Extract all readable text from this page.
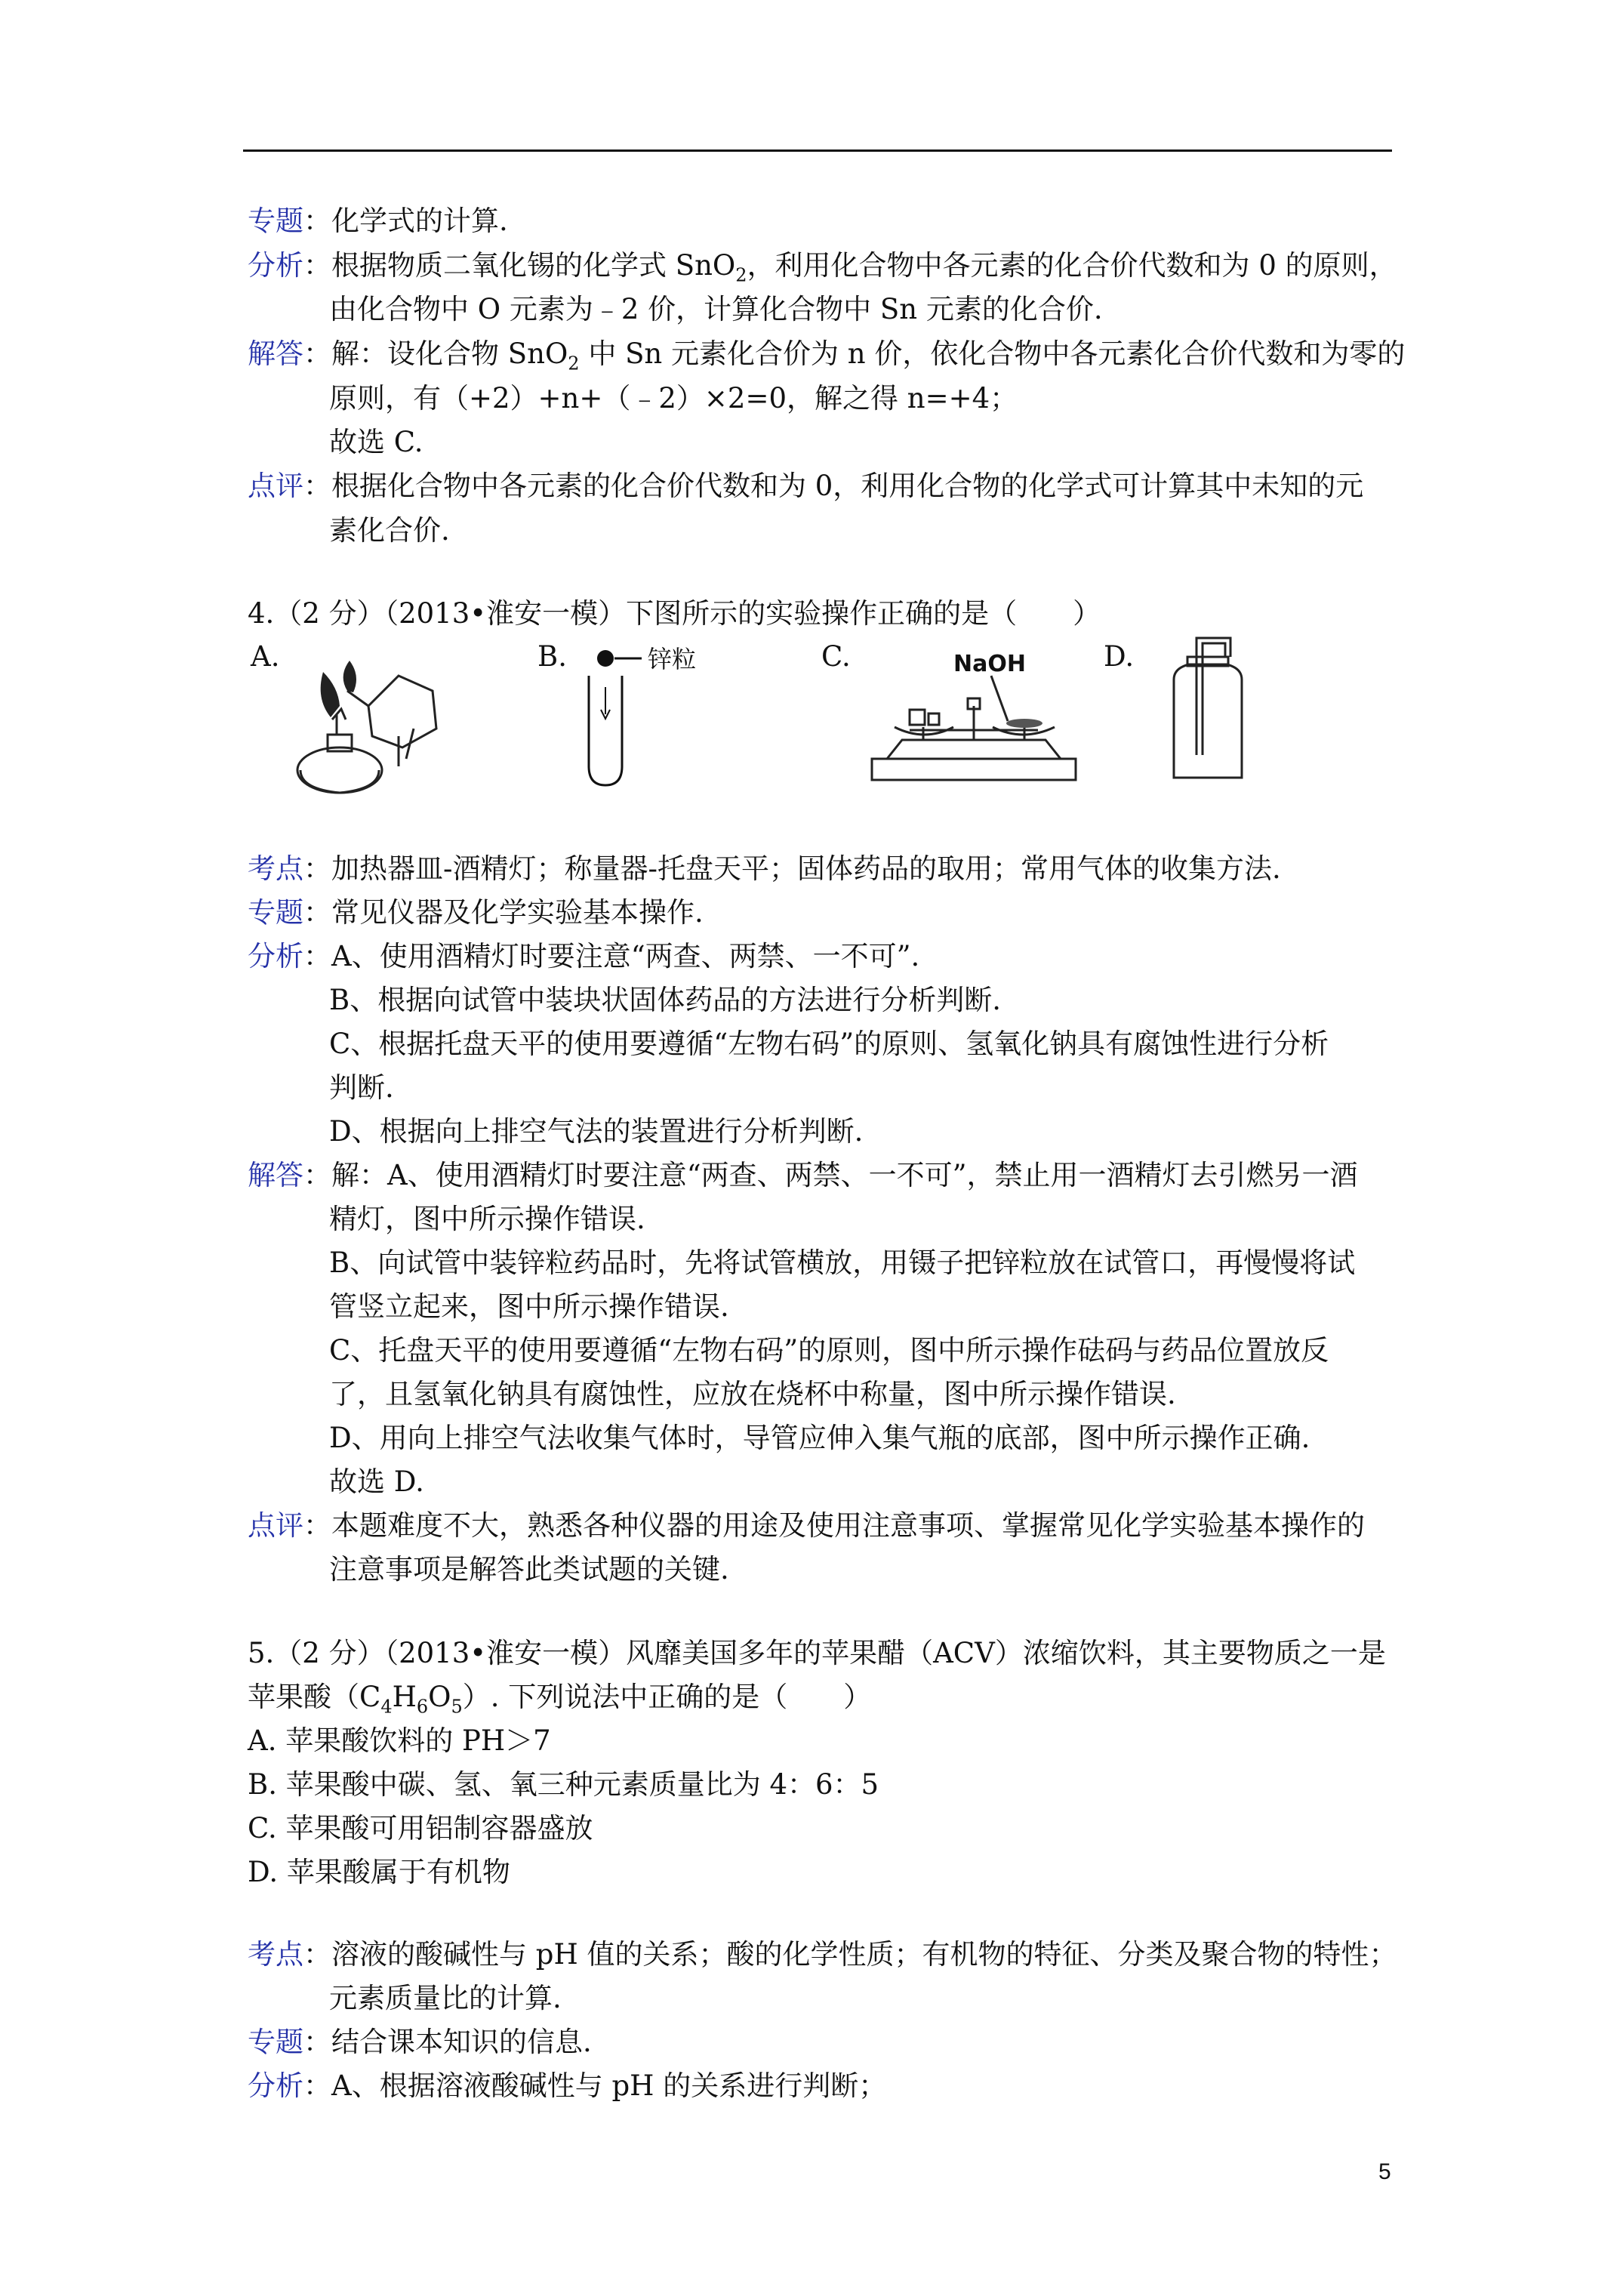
专题：化学式的计算.
分析：根据物质二氧化锡的化学式 SnO$_2$，利用化合物中各元素的化合价代数和为 0 的原则，
由化合物中 O 元素为﹣2 价，计算化合物中 Sn 元素的化合价.
解答：解：设化合物 SnO$_2$ 中 Sn 元素化合价为 n 价，依化合物中各元素化合价代数和为零的
原则，有（+2）+n+（﹣2）×2=0，解之得 n=+4；
故选 C.
点评：根据化合物中各元素的化合价代数和为 0，利用化合物的化学式可计算其中未知的元
素化合价.
4.（2 分）（2013•淮安一模）下图所示的实验操作正确的是（　　）
A.	B.	C.	D.
锌粒	NaOH
考点：加热器皿-酒精灯；称量器-托盘天平；固体药品的取用；常用气体的收集方法.
专题：常见仪器及化学实验基本操作.
分析：A、使用酒精灯时要注意“两查、两禁、一不可”.
B、根据向试管中装块状固体药品的方法进行分析判断.
C、根据托盘天平的使用要遵循“左物右码”的原则、氢氧化钠具有腐蚀性进行分析
判断.
D、根据向上排空气法的装置进行分析判断.
解答：解：A、使用酒精灯时要注意“两查、两禁、一不可”，禁止用一酒精灯去引燃另一酒
精灯，图中所示操作错误.
B、向试管中装锌粒药品时，先将试管横放，用镊子把锌粒放在试管口，再慢慢将试
管竖立起来，图中所示操作错误.
C、托盘天平的使用要遵循“左物右码”的原则，图中所示操作砝码与药品位置放反
了，且氢氧化钠具有腐蚀性，应放在烧杯中称量，图中所示操作错误.
D、用向上排空气法收集气体时，导管应伸入集气瓶的底部，图中所示操作正确.
故选 D.
点评：本题难度不大，熟悉各种仪器的用途及使用注意事项、掌握常见化学实验基本操作的
注意事项是解答此类试题的关键.
5.（2 分）（2013•淮安一模）风靡美国多年的苹果醋（ACV）浓缩饮料，其主要物质之一是
苹果酸$(C_4H_6O_5)$. 下列说法中正确的是（　　）
A. 苹果酸饮料的 PH＞7
B. 苹果酸中碳、氢、氧三种元素质量比为 4：6：5
C. 苹果酸可用铝制容器盛放
D. 苹果酸属于有机物
考点：溶液的酸碱性与 pH 值的关系；酸的化学性质；有机物的特征、分类及聚合物的特性；
元素质量比的计算.
专题：结合课本知识的信息.
分析：A、根据溶液酸碱性与 pH 的关系进行判断；
5
